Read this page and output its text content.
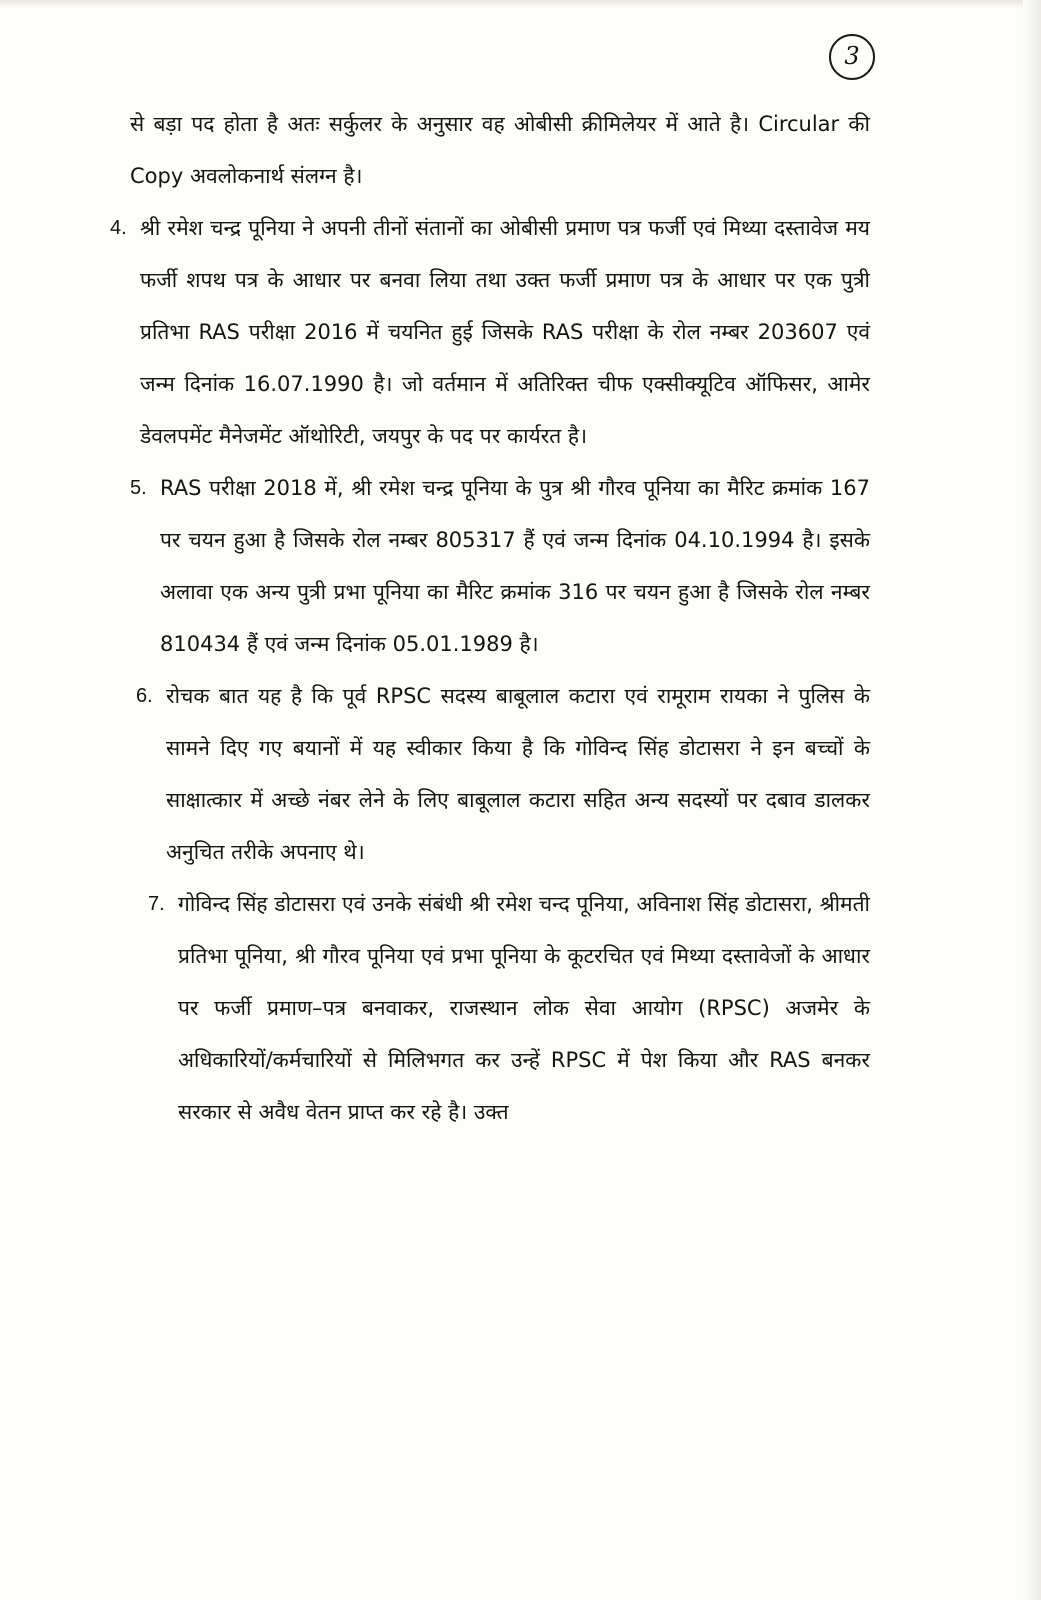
3

से बड़ा पद होता है अतः सर्कुलर के अनुसार वह ओबीसी क्रीमिलेयर में आते है। Circular की Copy अवलोकनार्थ संलग्न है।

4. श्री रमेश चन्द्र पूनिया ने अपनी तीनों संतानों का ओबीसी प्रमाण पत्र फर्जी एवं मिथ्या दस्तावेज मय फर्जी शपथ पत्र के आधार पर बनवा लिया तथा उक्त फर्जी प्रमाण पत्र के आधार पर एक पुत्री प्रतिभा RAS परीक्षा 2016 में चयनित हुई जिसके RAS परीक्षा के रोल नम्बर 203607 एवं जन्म दिनांक 16.07.1990 है। जो वर्तमान में अतिरिक्त चीफ एक्सीक्यूटिव ऑफिसर, आमेर डेवलपमेंट मैनेजमेंट ऑथोरिटी, जयपुर के पद पर कार्यरत है।
5. RAS परीक्षा 2018 में, श्री रमेश चन्द्र पूनिया के पुत्र श्री गौरव पूनिया का मैरिट क्रमांक 167 पर चयन हुआ है जिसके रोल नम्बर 805317 हैं एवं जन्म दिनांक 04.10.1994 है। इसके अलावा एक अन्य पुत्री प्रभा पूनिया का मैरिट क्रमांक 316 पर चयन हुआ है जिसके रोल नम्बर 810434 हैं एवं जन्म दिनांक 05.01.1989 है।
6. रोचक बात यह है कि पूर्व RPSC सदस्य बाबूलाल कटारा एवं रामूराम रायका ने पुलिस के सामने दिए गए बयानों में यह स्वीकार किया है कि गोविन्द सिंह डोटासरा ने इन बच्चों के साक्षात्कार में अच्छे नंबर लेने के लिए बाबूलाल कटारा सहित अन्य सदस्यों पर दबाव डालकर अनुचित तरीके अपनाए थे।
7. गोविन्द सिंह डोटासरा एवं उनके संबंधी श्री रमेश चन्द पूनिया, अविनाश सिंह डोटासरा, श्रीमती प्रतिभा पूनिया, श्री गौरव पूनिया एवं प्रभा पूनिया के कूटरचित एवं मिथ्या दस्तावेजों के आधार पर फर्जी प्रमाण–पत्र बनवाकर, राजस्थान लोक सेवा आयोग (RPSC) अजमेर के अधिकारियों/कर्मचारियों से मिलिभगत कर उन्हें RPSC में पेश किया और RAS बनकर सरकार से अवैध वेतन प्राप्त कर रहे है। उक्त
